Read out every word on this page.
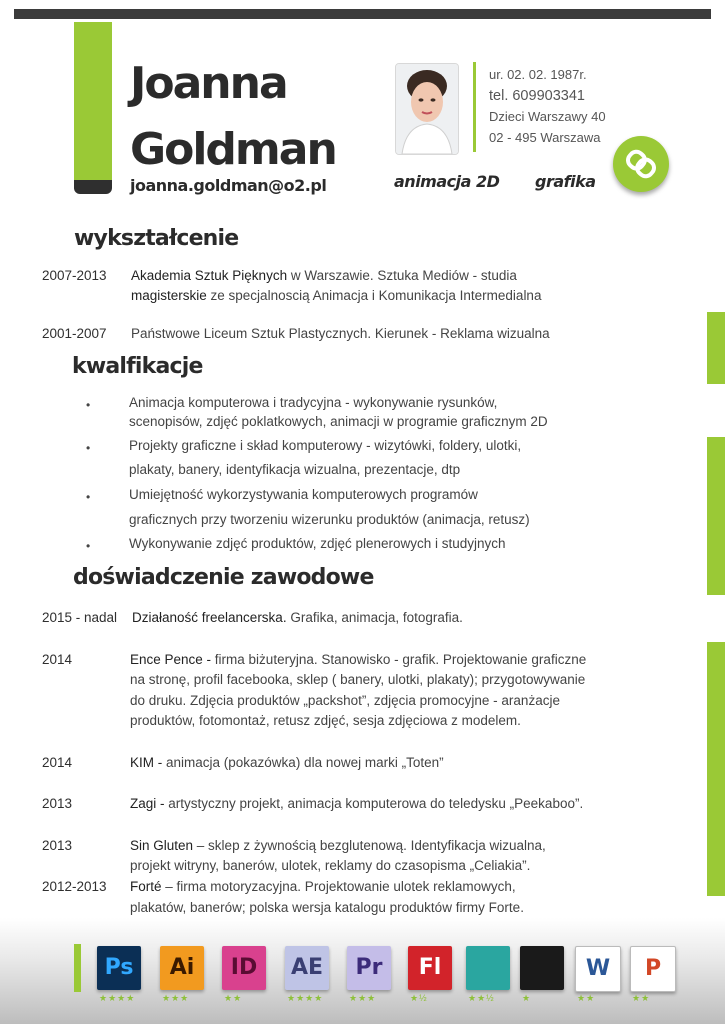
Joanna
Goldman
joanna.goldman@o2.pl
ur. 02. 02. 1987r.
tel. 609903341
Dzieci Warszawy 40
02 - 495 Warszawa
animacja 2D grafika
wykształcenie
2007-2013 Akademia Sztuk Pięknych w Warszawie. Sztuka Mediów - studia
magisterskie ze specjalnoscią Animacja i Komunikacja Intermedialna
2001-2007 Państwowe Liceum Sztuk Plastycznych. Kierunek - Reklama wizualna
kwalfikacje
•	Animacja komputerowa i tradycyjna - wykonywanie rysunków,
scenopisów, zdjęć poklatkowych, animacji w programie graficznym 2D
•	Projekty graficzne i skład komputerowy - wizytówki, foldery, ulotki,
plakaty, banery, identyfikacja wizualna, prezentacje, dtp
•	Umiejętność wykorzystywania komputerowych programów
graficznych przy tworzeniu wizerunku produktów (animacja, retusz)
•	Wykonywanie zdjęć produktów, zdjęć plenerowych i studyjnych
doświadczenie zawodowe
2015 - nadal Działaność freelancerska. Grafika, animacja, fotografia.
2014	Ence Pence - firma biżuteryjna. Stanowisko - grafik. Projektowanie graficzne
na stronę, profil facebooka, sklep ( banery, ulotki, plakaty); przygotowywanie
do druku. Zdjęcia produktów „packshot”, zdjęcia promocyjne - aranżacje
produktów, fotomontaż, retusz zdjęć, sesja zdjęciowa z modelem.
2014	KIM - animacja (pokazówka) dla nowej marki „Toten”
2013	Zagi - artystyczny projekt, animacja komputerowa do teledysku „Peekaboo”.
2013	Sin Gluten – sklep z żywnością bezglutenową. Identyfikacja wizualna,
projekt witryny, banerów, ulotek, reklamy do czasopisma „Celiakia”.
2012-2013 Forté – firma motoryzacyjna. Projektowanie ulotek reklamowych,
plakatów, banerów; polska wersja katalogu produktów firmy Forte.
Ps
★★★★
Ai
★★★
ID
★★
AE
★★★★
Pr
★★★
Fl
★½	★★½	★
W
★★
P
★★
